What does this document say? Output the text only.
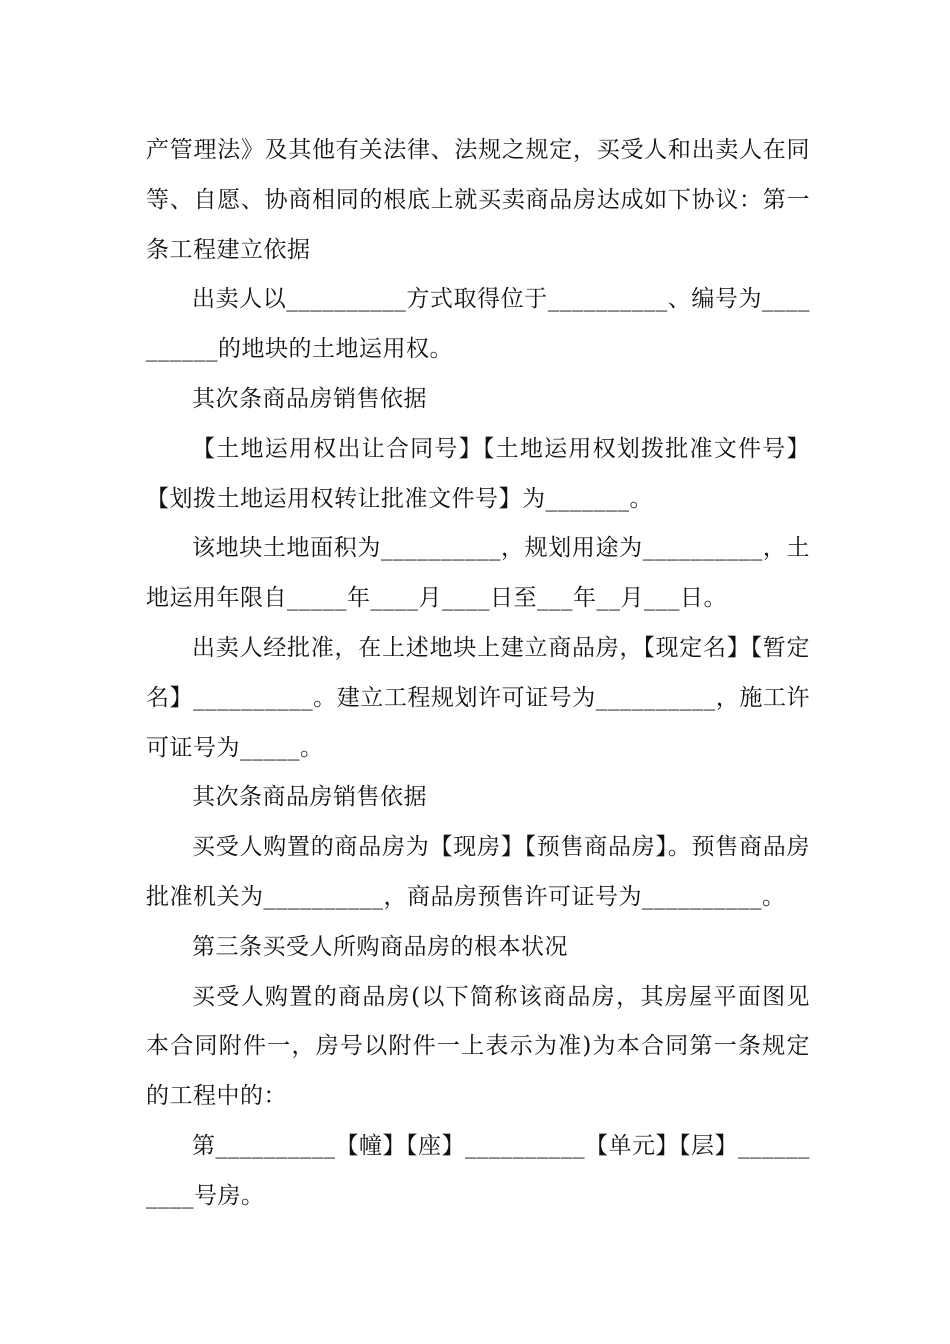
产管理法》及其他有关法律、法规之规定，买受人和出卖人在同等、自愿、协商相同的根底上就买卖商品房达成如下协议：第一条工程建立依据

出卖人以__________方式取得位于__________、编号为__________的地块的土地运用权。

其次条商品房销售依据

【土地运用权出让合同号】【土地运用权划拨批准文件号】【划拨土地运用权转让批准文件号】为_______。

该地块土地面积为__________，规划用途为__________，土地运用年限自_____年____月____日至___年__月___日。

出卖人经批准，在上述地块上建立商品房，【现定名】【暂定名】__________。建立工程规划许可证号为__________，施工许可证号为_____。

其次条商品房销售依据

买受人购置的商品房为【现房】【预售商品房】。预售商品房批准机关为__________，商品房预售许可证号为__________。

第三条买受人所购商品房的根本状况

买受人购置的商品房(以下简称该商品房，其房屋平面图见本合同附件一，房号以附件一上表示为准)为本合同第一条规定的工程中的：

第__________【幢】【座】__________【单元】【层】__________号房。
